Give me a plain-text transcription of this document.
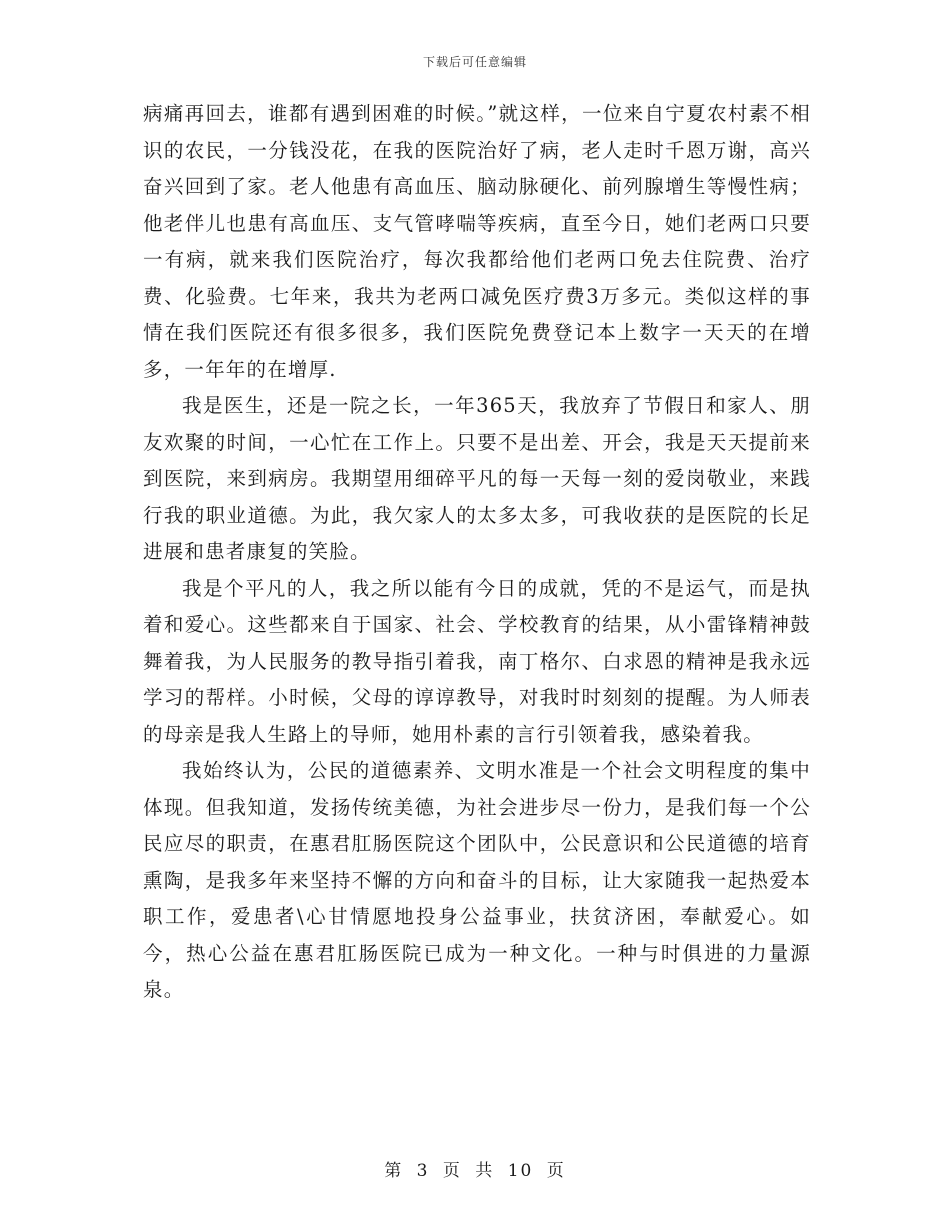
下载后可任意编辑

病痛再回去，谁都有遇到困难的时候。”就这样，一位来自宁夏农村素不相识的农民，一分钱没花，在我的医院治好了病，老人走时千恩万谢，高兴奋兴回到了家。老人他患有高血压、脑动脉硬化、前列腺增生等慢性病；他老伴儿也患有高血压、支气管哮喘等疾病，直至今日，她们老两口只要一有病，就来我们医院治疗，每次我都给他们老两口免去住院费、治疗费、化验费。七年来，我共为老两口减免医疗费3万多元。类似这样的事情在我们医院还有很多很多，我们医院免费登记本上数字一天天的在增多，一年年的在增厚.

我是医生，还是一院之长，一年365天，我放弃了节假日和家人、朋友欢聚的时间，一心忙在工作上。只要不是出差、开会，我是天天提前来到医院，来到病房。我期望用细碎平凡的每一天每一刻的爱岗敬业，来践行我的职业道德。为此，我欠家人的太多太多，可我收获的是医院的长足进展和患者康复的笑脸。

我是个平凡的人，我之所以能有今日的成就，凭的不是运气，而是执着和爱心。这些都来自于国家、社会、学校教育的结果，从小雷锋精神鼓舞着我，为人民服务的教导指引着我，南丁格尔、白求恩的精神是我永远学习的帮样。小时候，父母的谆谆教导，对我时时刻刻的提醒。为人师表的母亲是我人生路上的导师，她用朴素的言行引领着我，感染着我。

我始终认为，公民的道德素养、文明水准是一个社会文明程度的集中体现。但我知道，发扬传统美德，为社会进步尽一份力，是我们每一个公民应尽的职责，在惠君肛肠医院这个团队中，公民意识和公民道德的培育熏陶，是我多年来坚持不懈的方向和奋斗的目标，让大家随我一起热爱本职工作，爱患者\心甘情愿地投身公益事业，扶贫济困，奉献爱心。如今，热心公益在惠君肛肠医院已成为一种文化。一种与时俱进的力量源泉。

第 3 页 共 10 页
